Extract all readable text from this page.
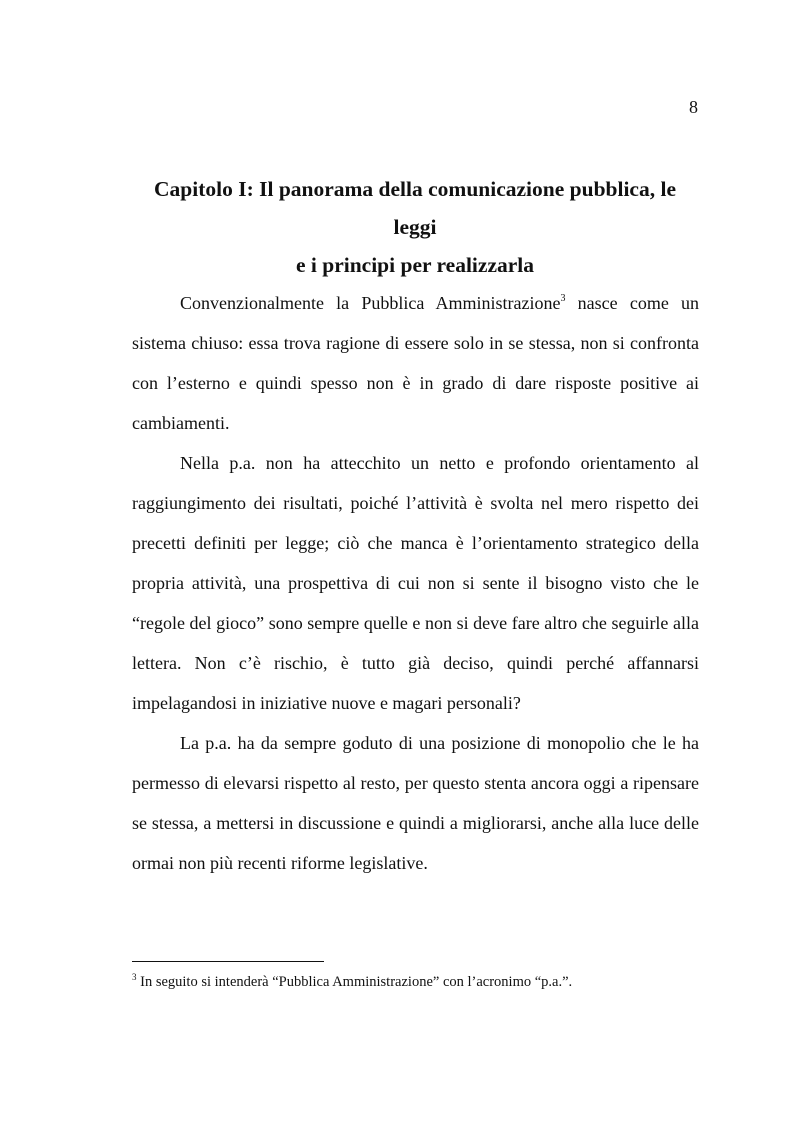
8
Capitolo I: Il panorama della comunicazione pubblica, le leggi
e i principi per realizzarla

Convenzionalmente la Pubblica Amministrazione$^3$ nasce come un sistema chiuso: essa trova ragione di essere solo in se stessa, non si confronta con l’esterno e quindi spesso non è in grado di dare risposte positive ai cambiamenti.

Nella p.a. non ha attecchito un netto e profondo orientamento al raggiungimento dei risultati, poiché l’attività è svolta nel mero rispetto dei precetti definiti per legge; ciò che manca è l’orientamento strategico della propria attività, una prospettiva di cui non si sente il bisogno visto che le “regole del gioco” sono sempre quelle e non si deve fare altro che seguirle alla lettera. Non c’è rischio, è tutto già deciso, quindi perché affannarsi impelagandosi in iniziative nuove e magari personali?

La p.a. ha da sempre goduto di una posizione di monopolio che le ha permesso di elevarsi rispetto al resto, per questo stenta ancora oggi a ripensare se stessa, a mettersi in discussione e quindi a migliorarsi, anche alla luce delle ormai non più recenti riforme legislative.

$^3$ In seguito si intenderà “Pubblica Amministrazione” con l’acronimo “p.a.”.
